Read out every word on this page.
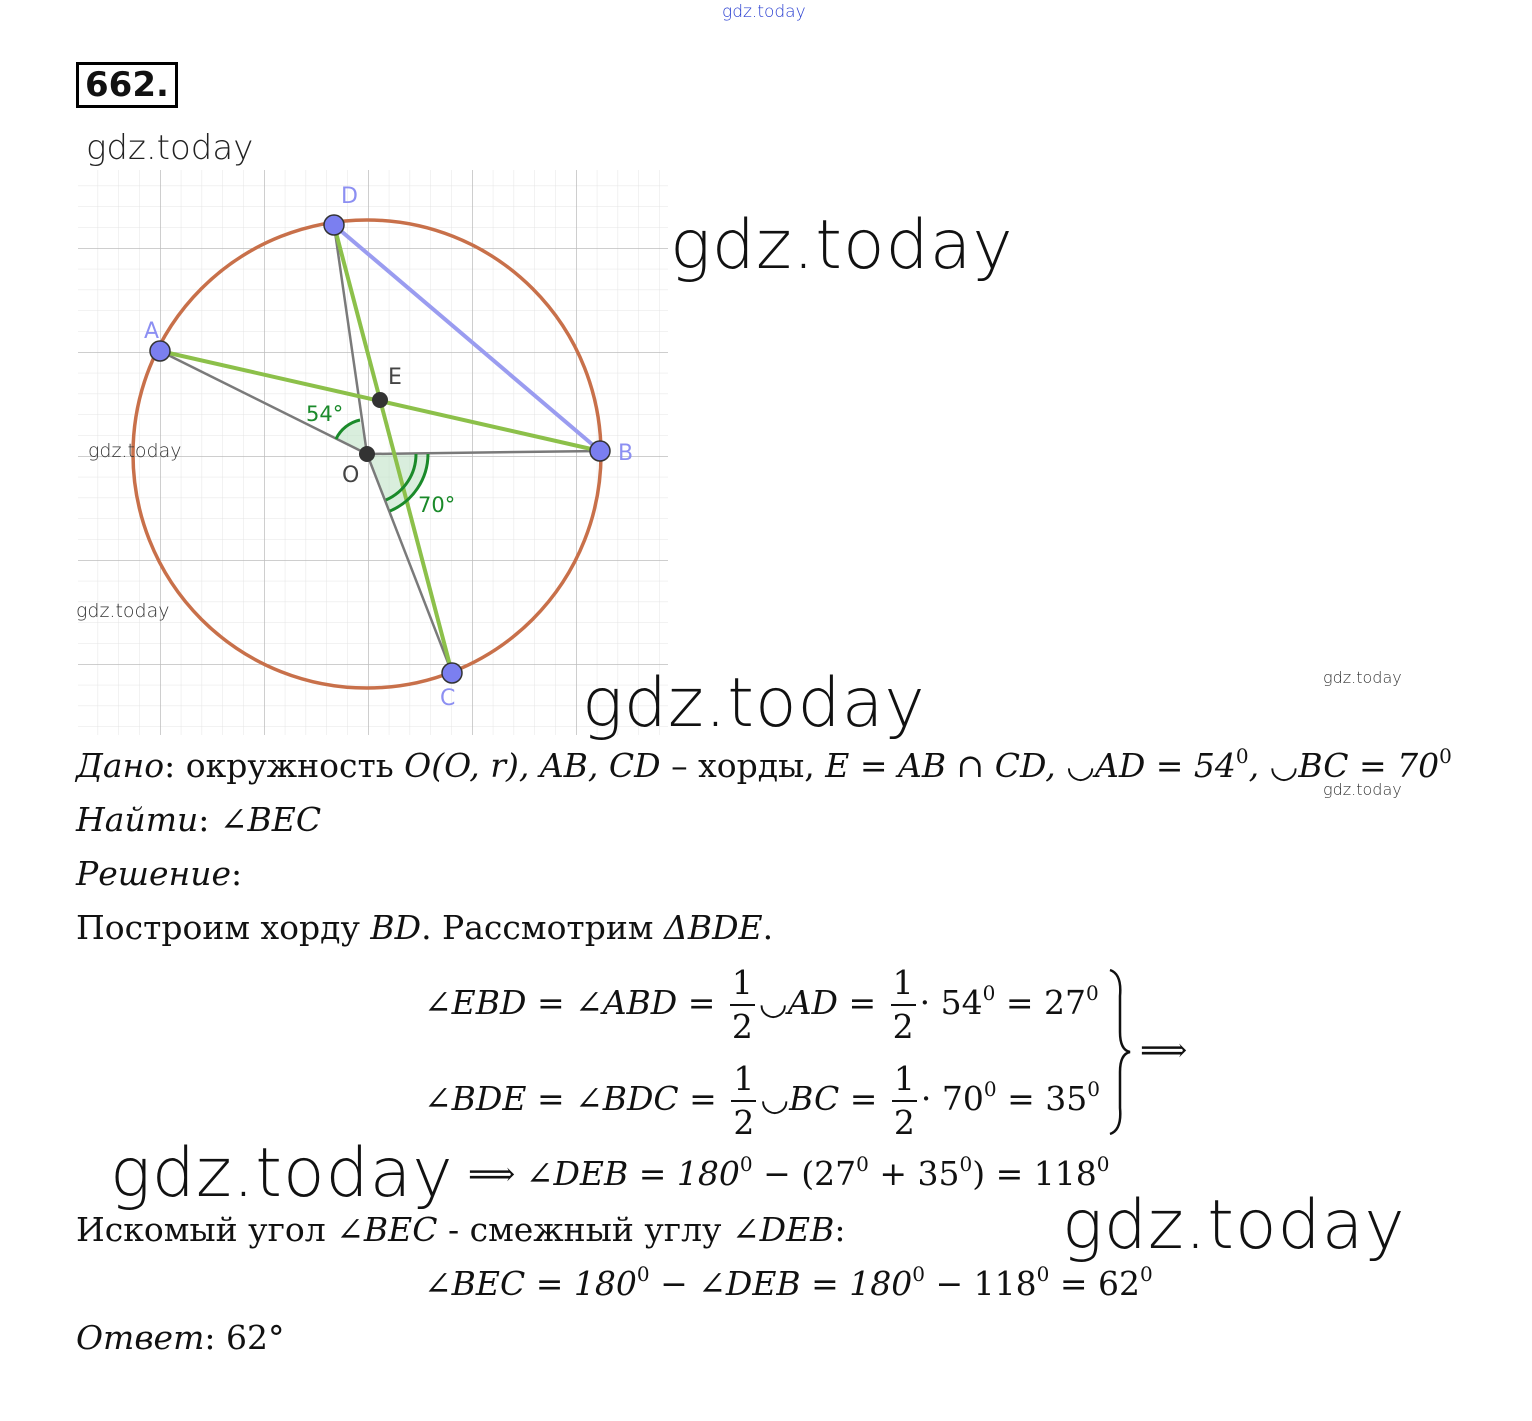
gdz.today
662.
gdz.today
A
B
C
D
E
O
54°
70°
gdz.today
gdz.today
gdz.today
gdz.today	gdz.today
Дано: окружность O(O, r), AB, CD – хорды, E = AB ∩ CD, ◡AD = $54^0$, ◡BC = $70^0$
gdz.today
Найти: ∠BEC
Решение:
Построим хорду BD. Рассмотрим ΔBDE.
∠EBD = ∠ABD = $\frac{1}{2}$ ◡AD = $\frac{1}{2} \cdot 54^0 = 27^0$
∠BDE = ∠BDC = $\frac{1}{2}$ ◡BC = $\frac{1}{2} \cdot 70^0 = 35^0$
⟹
gdz.today ⟹ ∠DEB = $180^0 - (27^0 + 35^0) = 118^0$
Искомый угол ∠BEC - смежный углу ∠DEB:	gdz.today
∠BEC = $180^0$ − ∠DEB = $180^0 - 118^0 = 62^0$
Ответ: 62°
